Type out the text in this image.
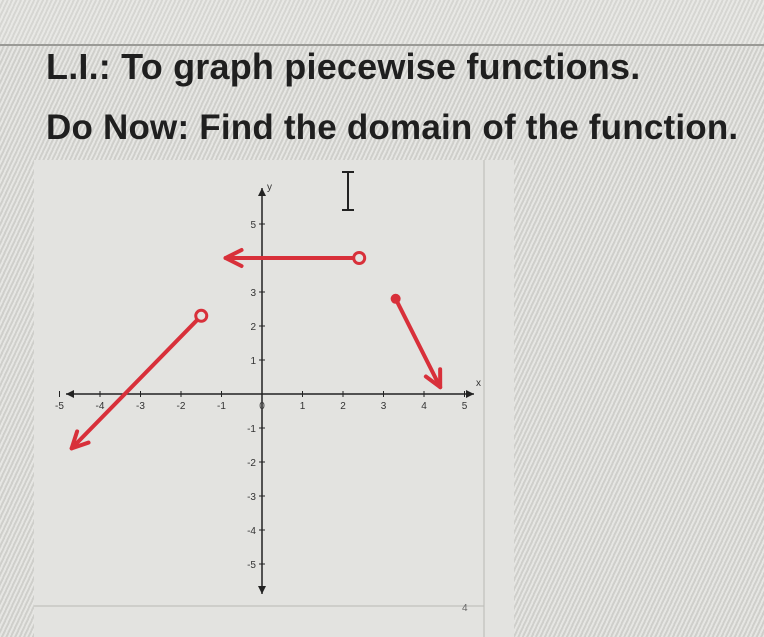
L.I.: To graph piecewise functions.
Do Now: Find the domain of the function.
x
y
-5	-4	-3	-2	-1	0	1	2	3	4	5
5
3
2
1
-1
-2
-3
-4
-5
4
